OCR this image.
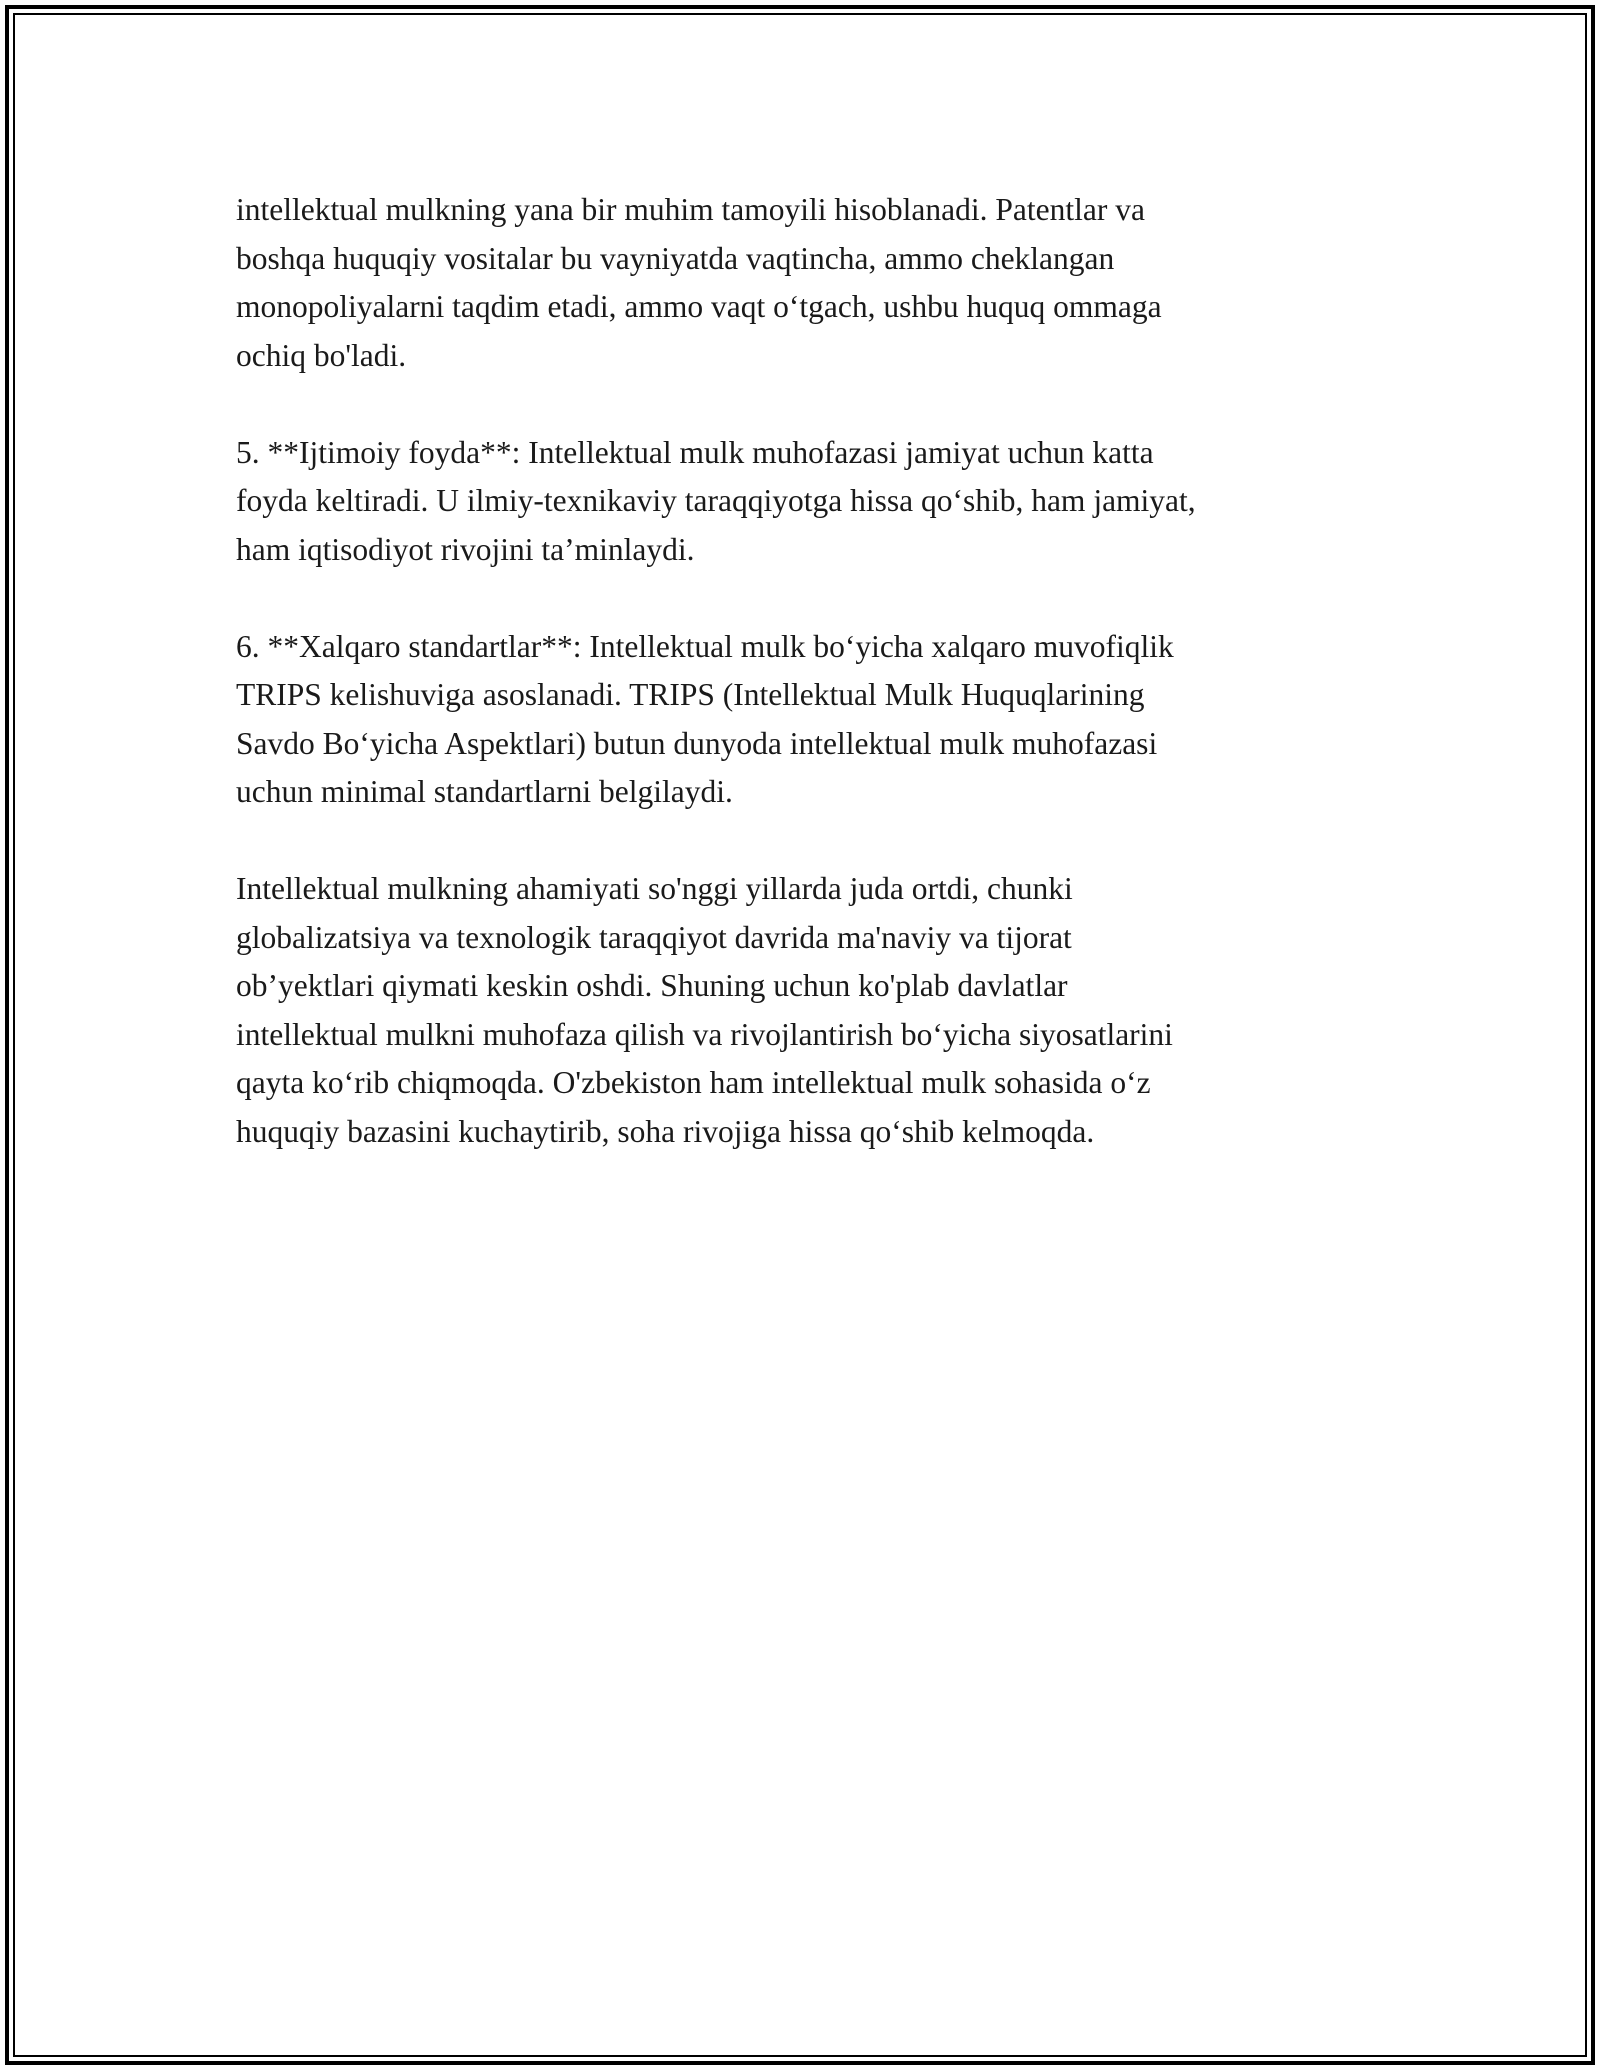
intellektual mulkning yana bir muhim tamoyili hisoblanadi. Patentlar va
boshqa huquqiy vositalar bu vayniyatda vaqtincha, ammo cheklangan
monopoliyalarni taqdim etadi, ammo vaqt o‘tgach, ushbu huquq ommaga
ochiq bo'ladi.

5. **Ijtimoiy foyda**: Intellektual mulk muhofazasi jamiyat uchun katta
foyda keltiradi. U ilmiy-texnikaviy taraqqiyotga hissa qo‘shib, ham jamiyat,
ham iqtisodiyot rivojini ta’minlaydi.

6. **Xalqaro standartlar**: Intellektual mulk bo‘yicha xalqaro muvofiqlik
TRIPS kelishuviga asoslanadi. TRIPS (Intellektual Mulk Huquqlarining
Savdo Bo‘yicha Aspektlari) butun dunyoda intellektual mulk muhofazasi
uchun minimal standartlarni belgilaydi.

Intellektual mulkning ahamiyati so'nggi yillarda juda ortdi, chunki
globalizatsiya va texnologik taraqqiyot davrida ma'naviy va tijorat
ob’yektlari qiymati keskin oshdi. Shuning uchun ko'plab davlatlar
intellektual mulkni muhofaza qilish va rivojlantirish bo‘yicha siyosatlarini
qayta ko‘rib chiqmoqda. O'zbekiston ham intellektual mulk sohasida o‘z
huquqiy bazasini kuchaytirib, soha rivojiga hissa qo‘shib kelmoqda.
